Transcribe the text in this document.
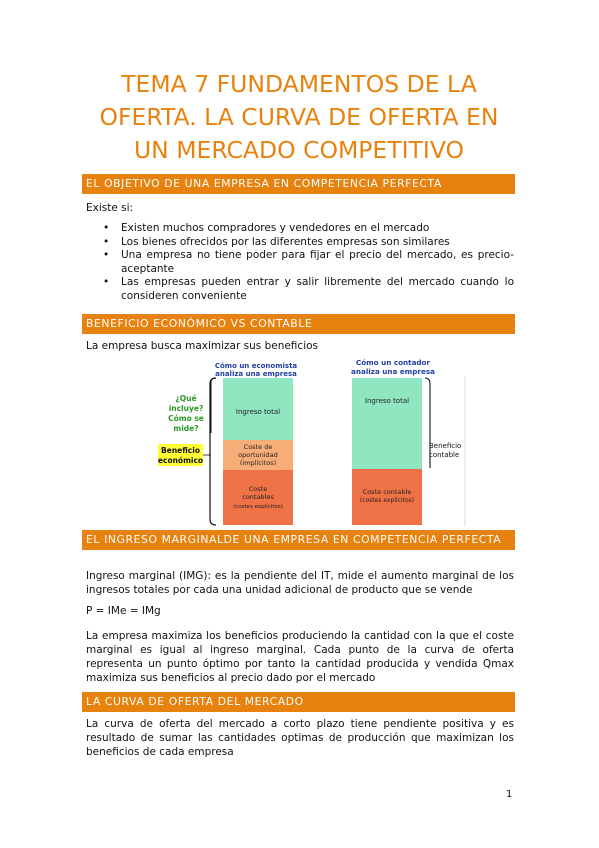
TEMA 7 FUNDAMENTOS DE LA OFERTA. LA CURVA DE OFERTA EN UN MERCADO COMPETITIVO
EL OBJETIVO DE UNA EMPRESA EN COMPETENCIA PERFECTA

Existe si:

• Existen muchos compradores y vendedores en el mercado
• Los bienes ofrecidos por las diferentes empresas son similares
• Una empresa no tiene poder para fijar el precio del mercado, es precio-aceptante
• Las empresas pueden entrar y salir libremente del mercado cuando lo consideren conveniente
BENEFICIO ECONÓMICO VS CONTABLE

La empresa busca maximizar sus beneficios

Cómo un economista
analiza una empresa
Cómo un contador
analiza una empresa
¿Qué
incluye?
Cómo se
mide?
Beneficio
económico
Ingreso total
Coste de
oportunidad
(implícitos)
Coste
contables
(costes explícitos)
Ingreso total
Coste contable
(costes explícitos)
Beneficio
contable
EL INGRESO MARGINALDE UNA EMPRESA EN COMPETENCIA PERFECTA

Ingreso marginal (IMG): es la pendiente del IT, mide el aumento marginal de los ingresos totales por cada una unidad adicional de producto que se vende

P = IMe = IMg

La empresa maximiza los beneficios produciendo la cantidad con la que el coste marginal es igual al ingreso marginal. Cada punto de la curva de oferta representa un punto óptimo por tanto la cantidad producida y vendida Qmax maximiza sus beneficios al precio dado por el mercado

LA CURVA DE OFERTA DEL MERCADO

La curva de oferta del mercado a corto plazo tiene pendiente positiva y es resultado de sumar las cantidades optimas de producción que maximizan los beneficios de cada empresa

1
